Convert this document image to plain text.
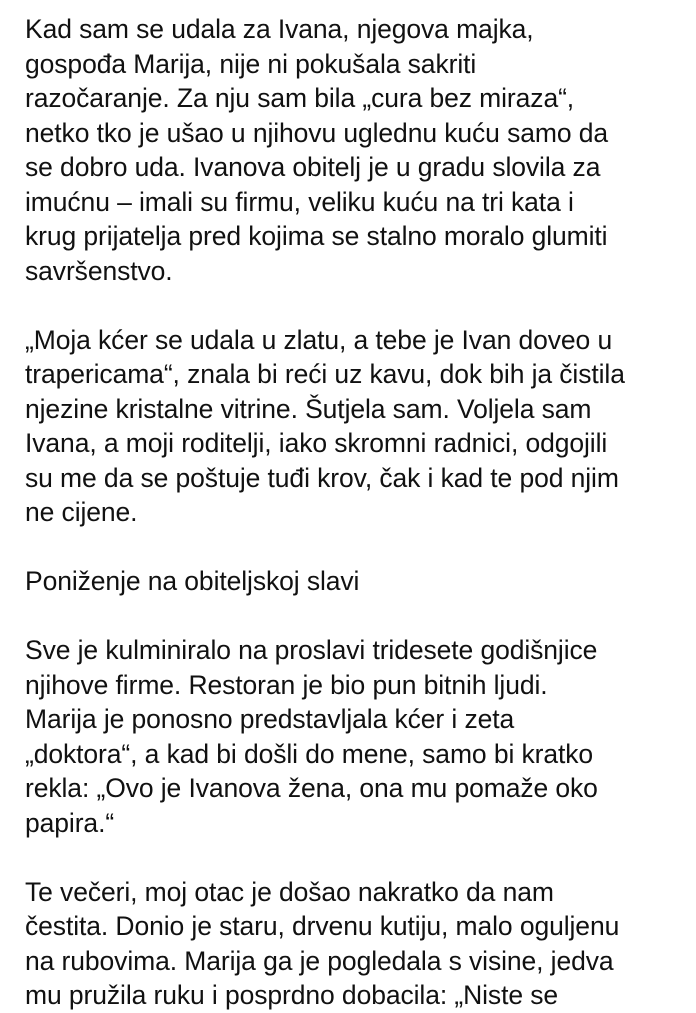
Kad sam se udala za Ivana, njegova majka,
gospođa Marija, nije ni pokušala sakriti
razočaranje. Za nju sam bila „cura bez miraza“,
netko tko je ušao u njihovu uglednu kuću samo da
se dobro uda. Ivanova obitelj je u gradu slovila za
imućnu – imali su firmu, veliku kuću na tri kata i
krug prijatelja pred kojima se stalno moralo glumiti
savršenstvo.

„Moja kćer se udala u zlatu, a tebe je Ivan doveo u
trapericama“, znala bi reći uz kavu, dok bih ja čistila
njezine kristalne vitrine. Šutjela sam. Voljela sam
Ivana, a moji roditelji, iako skromni radnici, odgojili
su me da se poštuje tuđi krov, čak i kad te pod njim
ne cijene.

Poniženje na obiteljskoj slavi

Sve je kulminiralo na proslavi tridesete godišnjice
njihove firme. Restoran je bio pun bitnih ljudi.
Marija je ponosno predstavljala kćer i zeta
„doktora“, a kad bi došli do mene, samo bi kratko
rekla: „Ovo je Ivanova žena, ona mu pomaže oko
papira.“

Te večeri, moj otac je došao nakratko da nam
čestita. Donio je staru, drvenu kutiju, malo oguljenu
na rubovima. Marija ga je pogledala s visine, jedva
mu pružila ruku i posprdno dobacila: „Niste se
